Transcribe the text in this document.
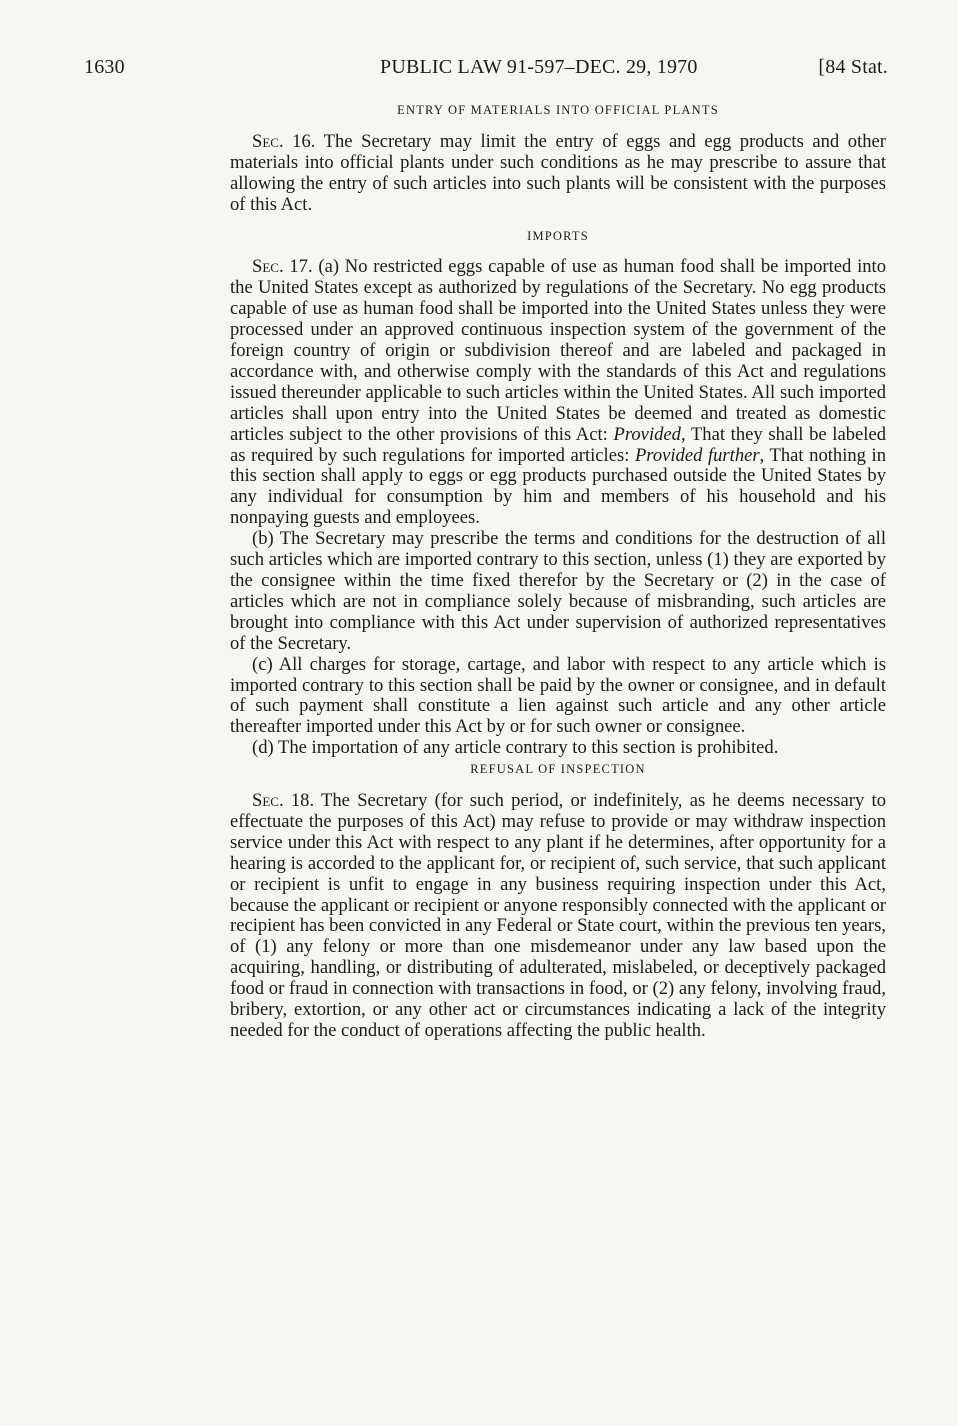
1630	PUBLIC LAW 91-597–DEC. 29, 1970	[84 Stat.
ENTRY OF MATERIALS INTO OFFICIAL PLANTS

Sec. 16. The Secretary may limit the entry of eggs and egg products and other materials into official plants under such conditions as he may prescribe to assure that allowing the entry of such articles into such plants will be consistent with the purposes of this Act.

IMPORTS

Sec. 17. (a) No restricted eggs capable of use as human food shall be imported into the United States except as authorized by regulations of the Secretary. No egg products capable of use as human food shall be imported into the United States unless they were processed under an approved continuous inspection system of the government of the foreign country of origin or subdivision thereof and are labeled and packaged in accordance with, and otherwise comply with the standards of this Act and regulations issued thereunder applicable to such articles within the United States. All such imported articles shall upon entry into the United States be deemed and treated as domestic articles subject to the other provisions of this Act: Provided, That they shall be labeled as required by such regulations for imported articles: Provided further, That nothing in this section shall apply to eggs or egg products purchased outside the United States by any individual for consumption by him and members of his household and his nonpaying guests and employees.

(b) The Secretary may prescribe the terms and conditions for the destruction of all such articles which are imported contrary to this section, unless (1) they are exported by the consignee within the time fixed therefor by the Secretary or (2) in the case of articles which are not in compliance solely because of misbranding, such articles are brought into compliance with this Act under supervision of authorized representatives of the Secretary.

(c) All charges for storage, cartage, and labor with respect to any article which is imported contrary to this section shall be paid by the owner or consignee, and in default of such payment shall constitute a lien against such article and any other article thereafter imported under this Act by or for such owner or consignee.

(d) The importation of any article contrary to this section is prohibited.

REFUSAL OF INSPECTION

Sec. 18. The Secretary (for such period, or indefinitely, as he deems necessary to effectuate the purposes of this Act) may refuse to provide or may withdraw inspection service under this Act with respect to any plant if he determines, after opportunity for a hearing is accorded to the applicant for, or recipient of, such service, that such applicant or recipient is unfit to engage in any business requiring inspection under this Act, because the applicant or recipient or anyone responsibly connected with the applicant or recipient has been convicted in any Federal or State court, within the previous ten years, of (1) any felony or more than one misdemeanor under any law based upon the acquiring, handling, or distributing of adulterated, mislabeled, or deceptively packaged food or fraud in connection with transactions in food, or (2) any felony, involving fraud, bribery, extortion, or any other act or circumstances indicating a lack of the integrity needed for the conduct of operations affecting the public health.
